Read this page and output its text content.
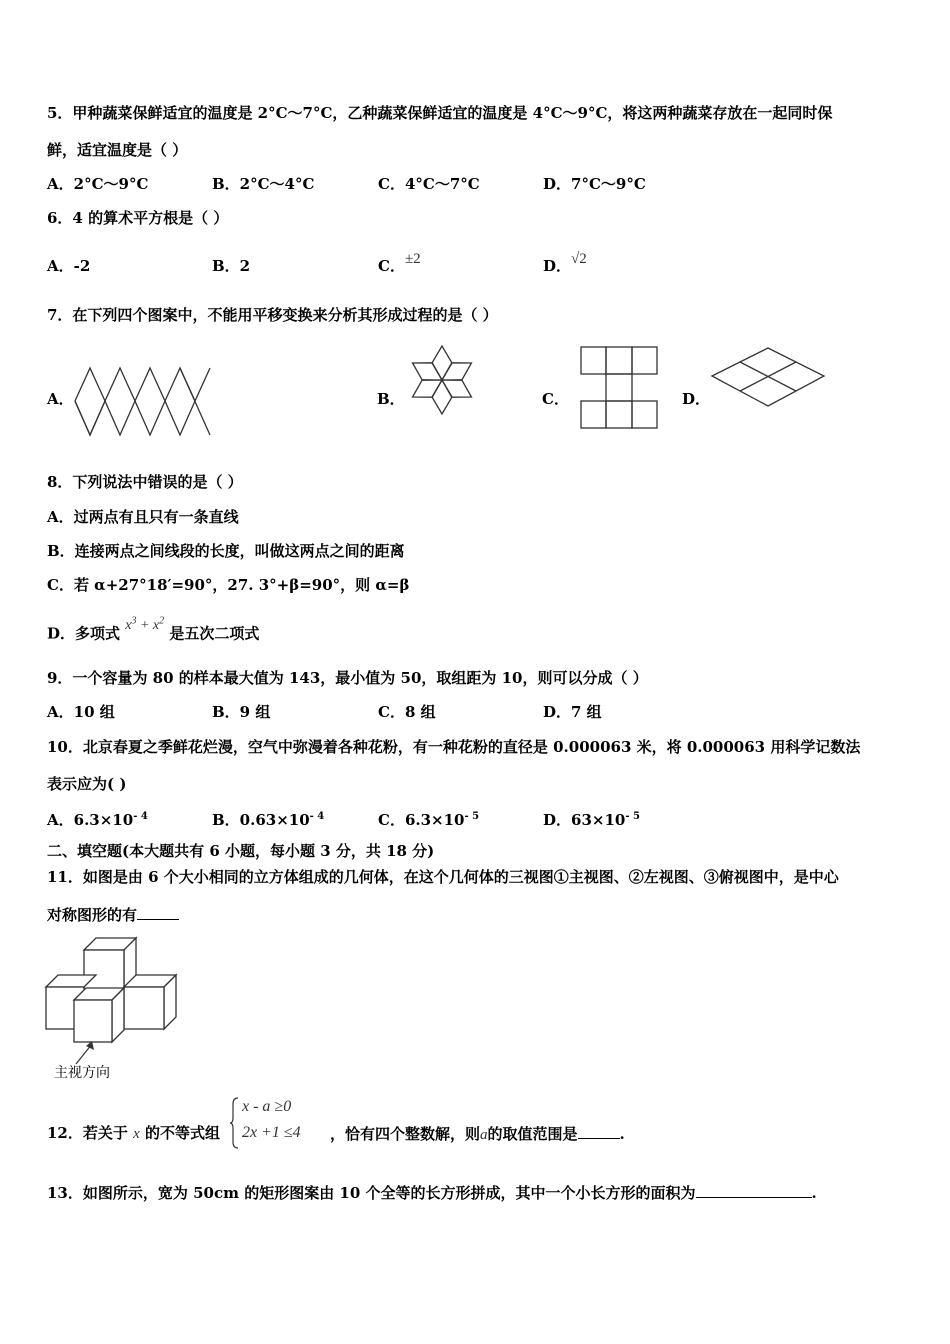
5．甲种蔬菜保鲜适宜的温度是 2°C～7°C，乙种蔬菜保鲜适宜的温度是 4°C～9°C，将这两种蔬菜存放在一起同时保
鲜，适宜温度是（ ）
A．2°C～9°C	B．2°C～4°C	C．4°C～7°C	D．7°C～9°C
6．4 的算术平方根是（ ）
A．-2	B．2	C．±2	D．√2
7．在下列四个图案中，不能用平移变换来分析其形成过程的是（ ）
A．	B．	C．	D．
8．下列说法中错误的是（ ）
A．过两点有且只有一条直线
B．连接两点之间线段的长度，叫做这两点之间的距离
C．若 α+27°18′=90°，27. 3°+β=90°，则 α=β
D．多项式 $x^3 + x^2$ 是五次二项式
9．一个容量为 80 的样本最大值为 143，最小值为 50，取组距为 10，则可以分成（ ）
A．10 组	B．9 组	C．8 组	D．7 组
10．北京春夏之季鲜花烂漫，空气中弥漫着各种花粉，有一种花粉的直径是 0.000063 米，将 0.000063 用科学记数法
表示应为( )
A．$6.3\times 10^{- 4}$	B．$0.63\times 10^{- 4}$	C．$6.3\times 10^{- 5}$	D．$63\times 10^{- 5}$
二、填空题(本大题共有 6 小题，每小题 3 分，共 18 分)
11．如图是由 6 个大小相同的立方体组成的几何体，在这个几何体的三视图①主视图、②左视图、③俯视图中，是中心
对称图形的有
主视方向
12．若关于 x 的不等式组
x - a ≥0
2x +1 ≤4 ，恰有四个整数解，则a的取值范围是	.
13．如图所示，宽为 50cm 的矩形图案由 10 个全等的长方形拼成，其中一个小长方形的面积为	.
